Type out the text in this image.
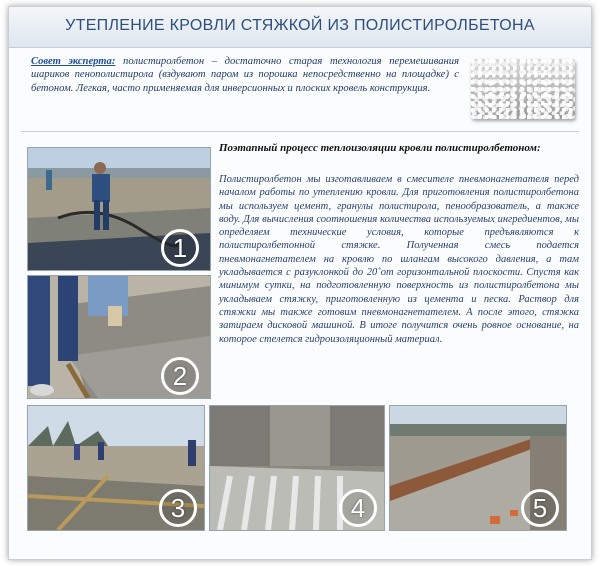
УТЕПЛЕНИЕ КРОВЛИ СТЯЖКОЙ ИЗ ПОЛИСТИРОЛБЕТОНА
Совет эксперта: полистиролбетон – достаточно старая технология перемешивания шариков пенополистирола (вздувают паром из порошка непосредственно на площадке) с бетоном. Легкая, часто применяемая для инверсионных и плоских кровель конструкция.
Поэтапный процесс теплоизоляции кровли полистиролбетоном:
Полистиролбетон мы изготавливаем в смесителе пневмонагнетателя перед началом работы по утеплению кровли. Для приготовления полистиролбетона мы используем цемент, гранулы полистирола, пенообразователь, а также воду. Для вычисления соотношения количества используемых ингредиентов, мы определяем технические условия, которые предъявляются к полистиролбетонной стяжке. Полученная смесь подается пневмонагнетателем на кровлю по шлангам высокого давления, а там укладывается с разуклонкой до 20˚от горизонтальной плоскости. Спустя как минимум сутки, на подготовленную поверхность из полистиролбетона мы укладываем стяжку, приготовленную из цемента и песка. Раствор для стяжки мы также готовим пневмонагнетателем. А после этого, стяжка затираем дисковой машиной. В итоге получится очень ровное основание, на которое стелется гидроизоляционный материал.
1
2
3	4	5
